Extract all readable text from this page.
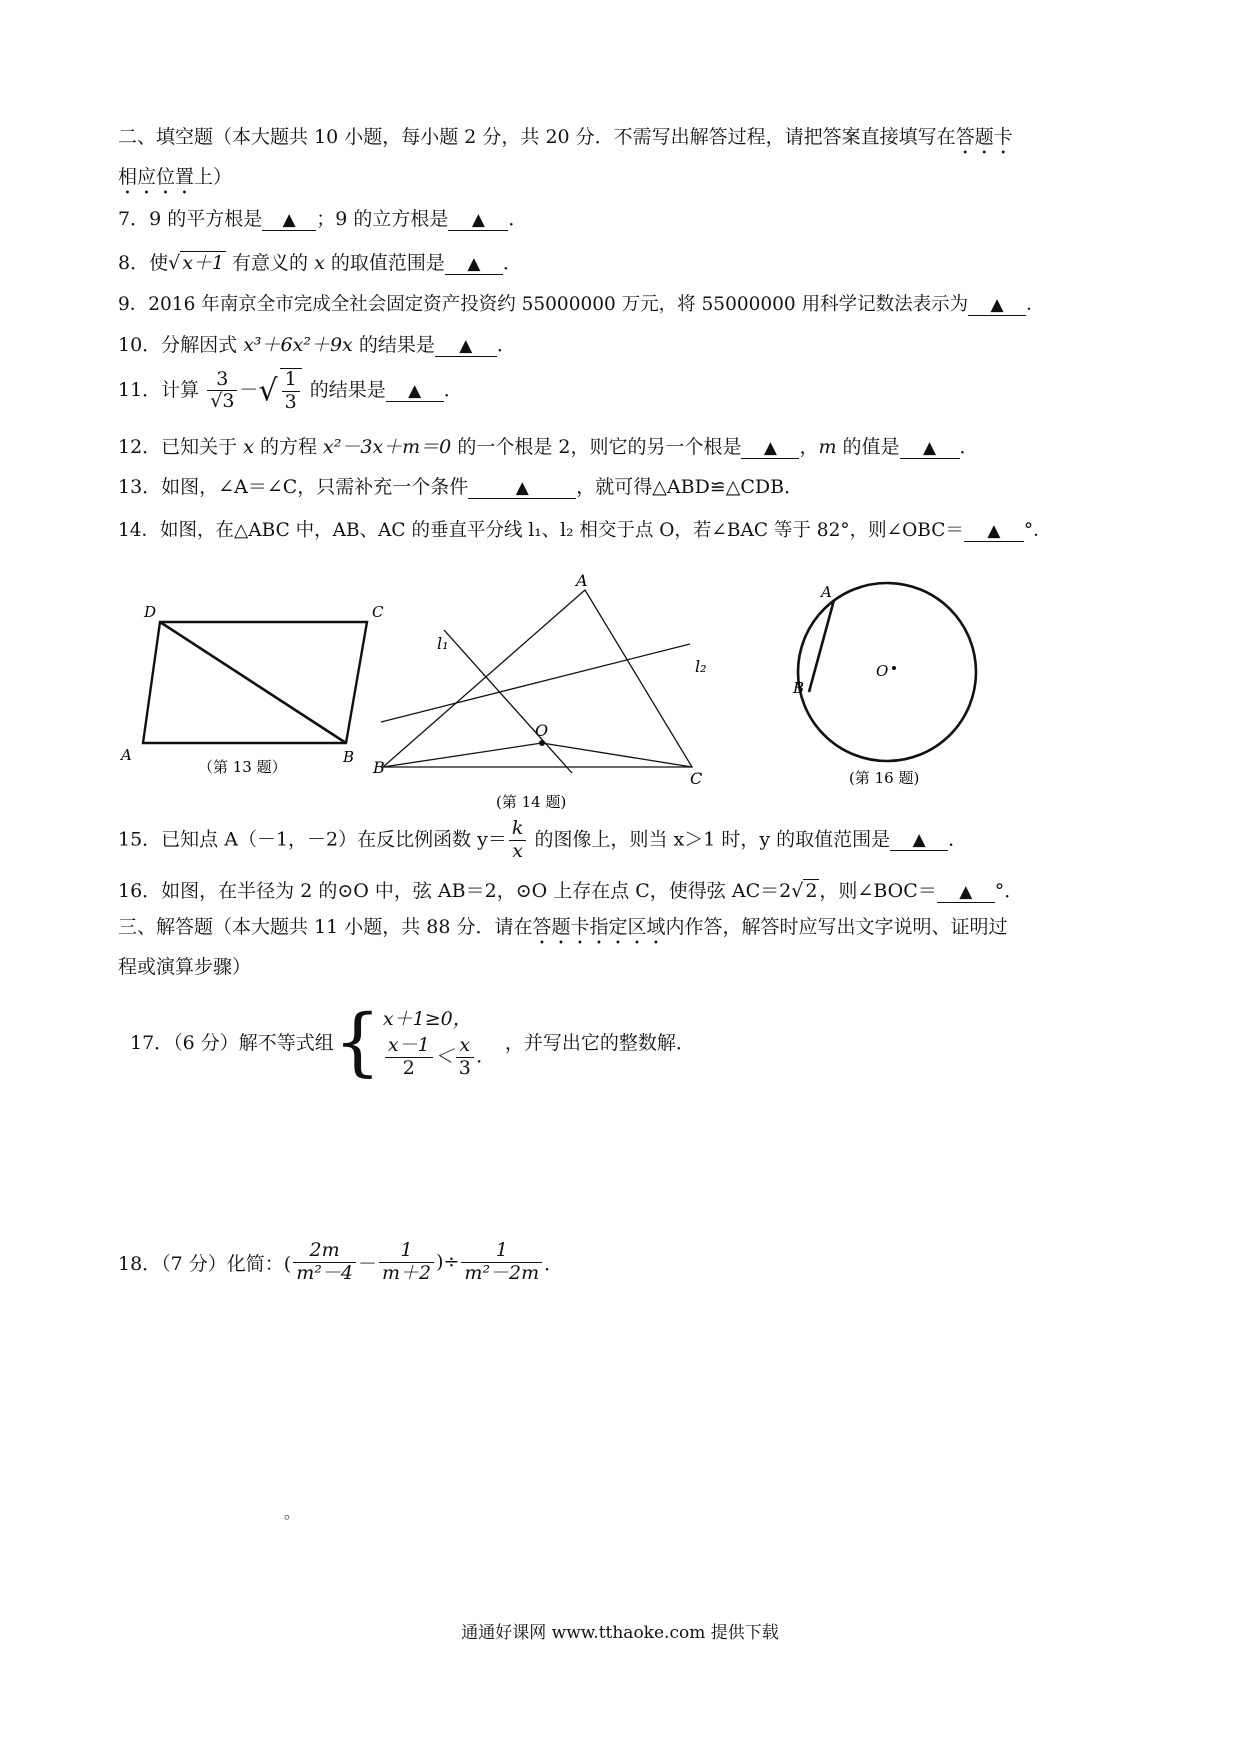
二、填空题（本大题共 10 小题，每小题 2 分，共 20 分．不需写出解答过程，请把答案直接填写在答题卡
相应位置上）
7．9 的平方根是 ▲ ；9 的立方根是 ▲ ．
8．使√ x＋1 有意义的 x 的取值范围是 ▲ ．
9．2016 年南京全市完成全社会固定资产投资约 55000000 万元，将 55000000 用科学记数法表示为 ▲ ．
10．分解因式 x³＋6x²＋9x 的结果是 ▲ ．
11．计算 $\frac{3}{√3}$ －√ $\frac{1}{3}$ 的结果是 ▲ ．
12．已知关于 x 的方程 x²－3x＋m＝0 的一个根是 2，则它的另一个根是 ▲ ，m 的值是 ▲ ．
13．如图，∠A＝∠C，只需补充一个条件	▲ ，就可得△ABD≌△CDB．
14．如图，在△ABC 中，AB、AC 的垂直平分线 l₁、l₂ 相交于点 O，若∠BAC 等于 82°，则∠OBC＝ ▲ °．
D	C
A	B
（第 13 题）
A
l₁
l₂
O
B
C
(第 14 题)
A
B
O
(第 16 题)
15．已知点 A（－1，－2）在反比例函数 $y= \frac{k}{x}$ 的图像上，则当 x＞1 时，y 的取值范围是 ▲ ．
16．如图，在半径为 2 的⊙O 中，弦 AB＝2，⊙O 上存在点 C，使得弦 AC＝2√ 2 ，则∠BOC＝ ▲ °．
三、解答题（本大题共 11 小题，共 88 分．请在答题卡指定区域内作答，解答时应写出文字说明、证明过
程或演算步骤）
17．（6 分）解不等式组 { x＋1≥0，
$\frac{x-1}{2} < \frac{x}{3}$ ．
，并写出它的整数解．
18．（7 分）化简：( $\frac{2m}{\text{m²－4}} - \frac{1}{m+2}$ )÷ $\frac{1}{\text{m²－2m}}$ ．
。
通通好课网 www.tthaoke.com 提供下载
